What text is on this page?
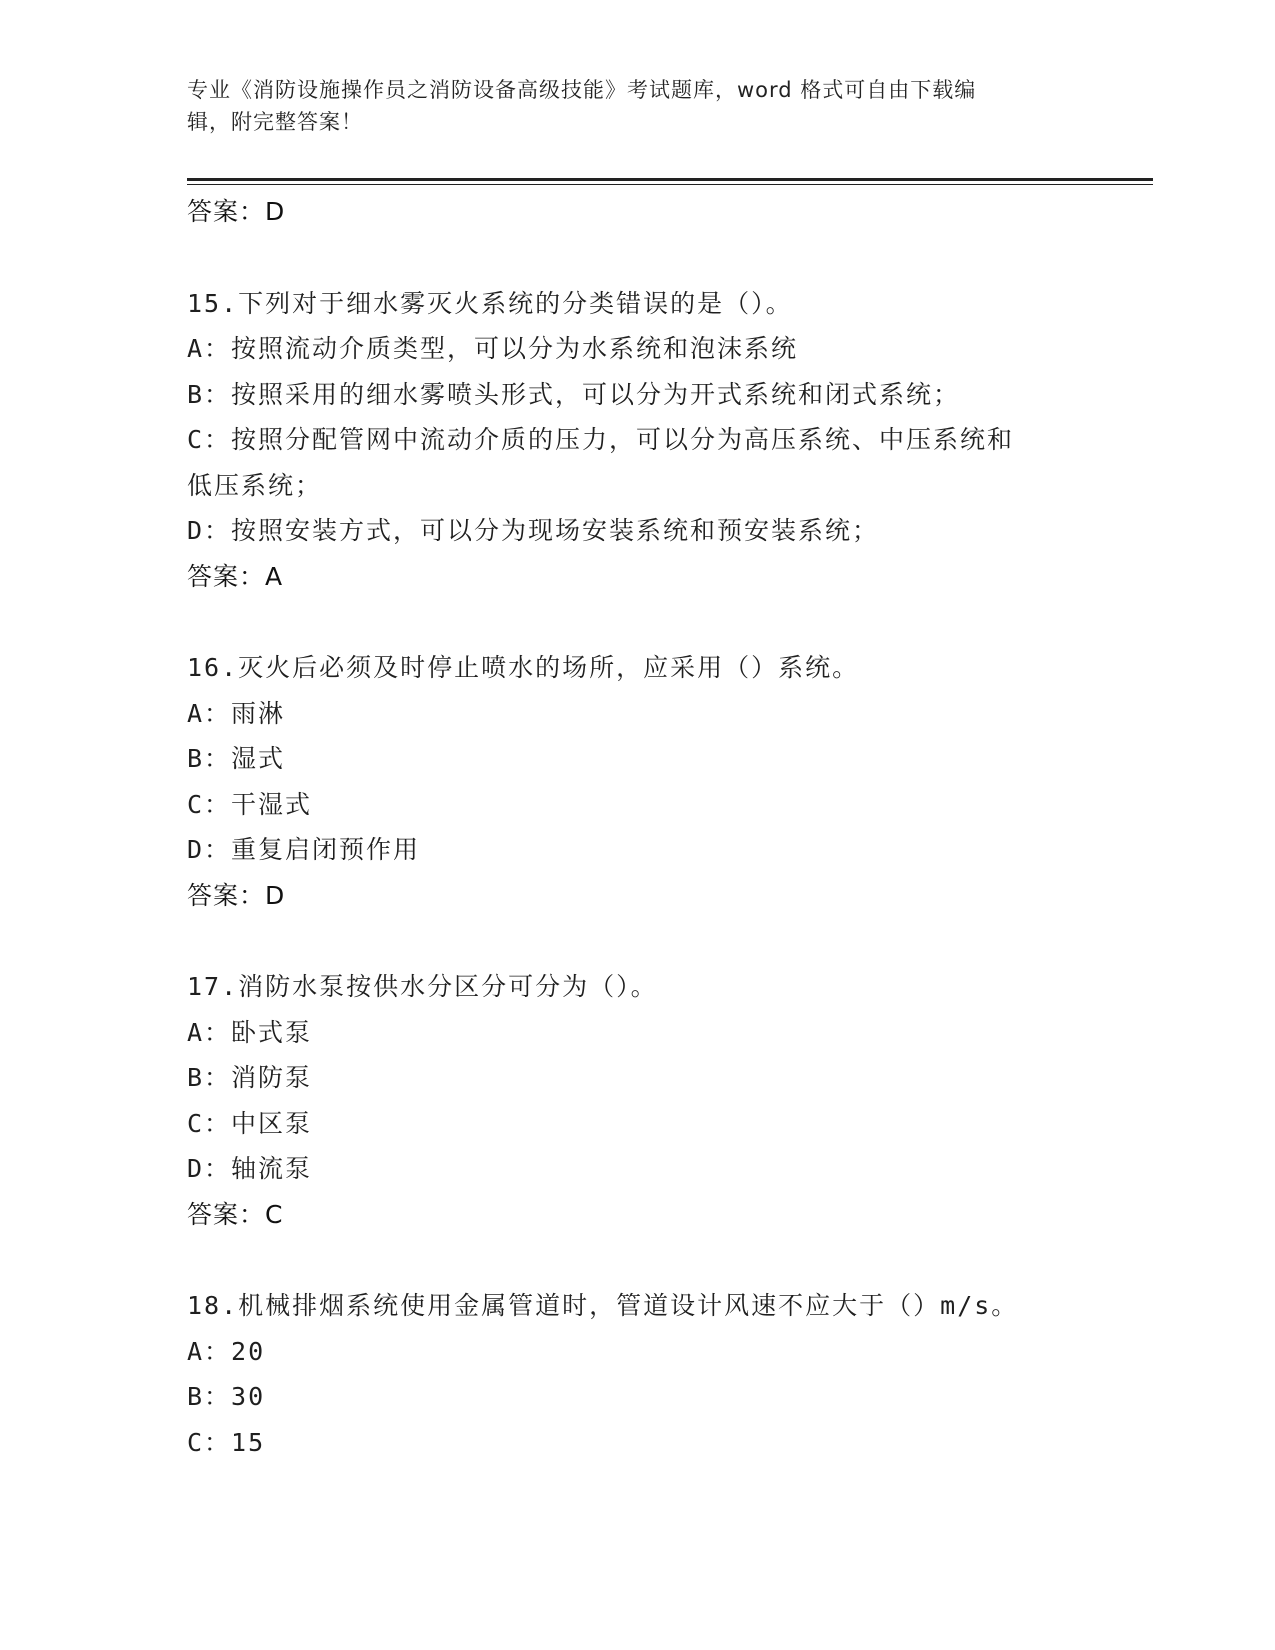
专业《消防设施操作员之消防设备高级技能》考试题库，word 格式可自由下载编
辑，附完整答案！
答案：D
15.下列对于细水雾灭火系统的分类错误的是（）。
A：按照流动介质类型，可以分为水系统和泡沫系统
B：按照采用的细水雾喷头形式，可以分为开式系统和闭式系统；
C：按照分配管网中流动介质的压力，可以分为高压系统、中压系统和
低压系统；
D：按照安装方式，可以分为现场安装系统和预安装系统；
答案：A
16.灭火后必须及时停止喷水的场所，应采用（）系统。
A：雨淋
B：湿式
C：干湿式
D：重复启闭预作用
答案：D
17.消防水泵按供水分区分可分为（）。
A：卧式泵
B：消防泵
C：中区泵
D：轴流泵
答案：C
18.机械排烟系统使用金属管道时，管道设计风速不应大于（）m/s。
A：20
B：30
C：15
